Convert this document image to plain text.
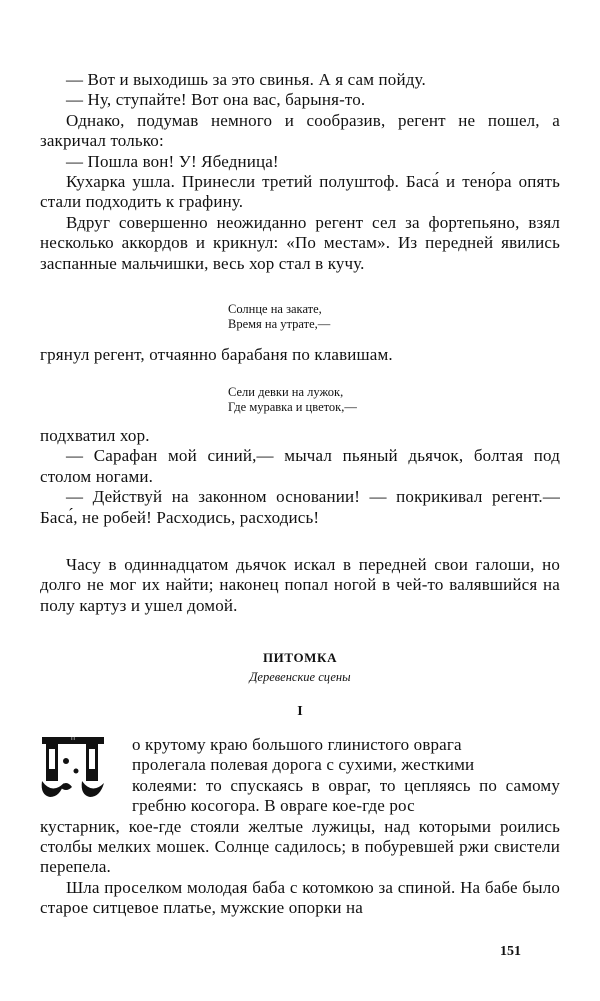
— Вот и выходишь за это свинья. А я сам пойду.

— Ну, ступайте! Вот она вас, барыня-то.

Однако, подумав немного и сообразив, регент не пошел, а закричал только:

— Пошла вон! У! Ябедница!

Кухарка ушла. Принесли третий полуштоф. Баса́ и тено́ра опять стали подходить к графину.

Вдруг совершенно неожиданно регент сел за фортепьяно, взял несколько аккордов и крикнул: «По местам». Из передней явились заспанные мальчишки, весь хор стал в кучу.

Солнце на закате,
Время на утрате,—

грянул регент, отчаянно барабаня по клавишам.

Сели девки на лужок,
Где муравка и цветок,—

подхватил хор.

— Сарафан мой синий,— мычал пьяный дьячок, болтая под столом ногами.

— Действуй на законном основании! — покрикивал регент.— Баса́, не робей! Расходись, расходись!

Часу в одиннадцатом дьячок искал в передней свои галоши, но долго не мог их найти; наконец попал ногой в чей-то валявшийся на полу картуз и ушел домой.

ПИТОМКА
Деревенские сцены
I
П	о крутому краю большого глинистого оврага

пролегала полевая дорога с сухими, жесткими

колеями: то спускаясь в овраг, то цепляясь по самому гребню косогора. В овраге кое-где рос

кустарник, кое-где стояли желтые лужицы, над которыми роились столбы мелких мошек. Солнце садилось; в побуревшей ржи свистели перепела.

Шла проселком молодая баба с котомкою за спиной. На бабе было старое ситцевое платье, мужские опорки на

151
